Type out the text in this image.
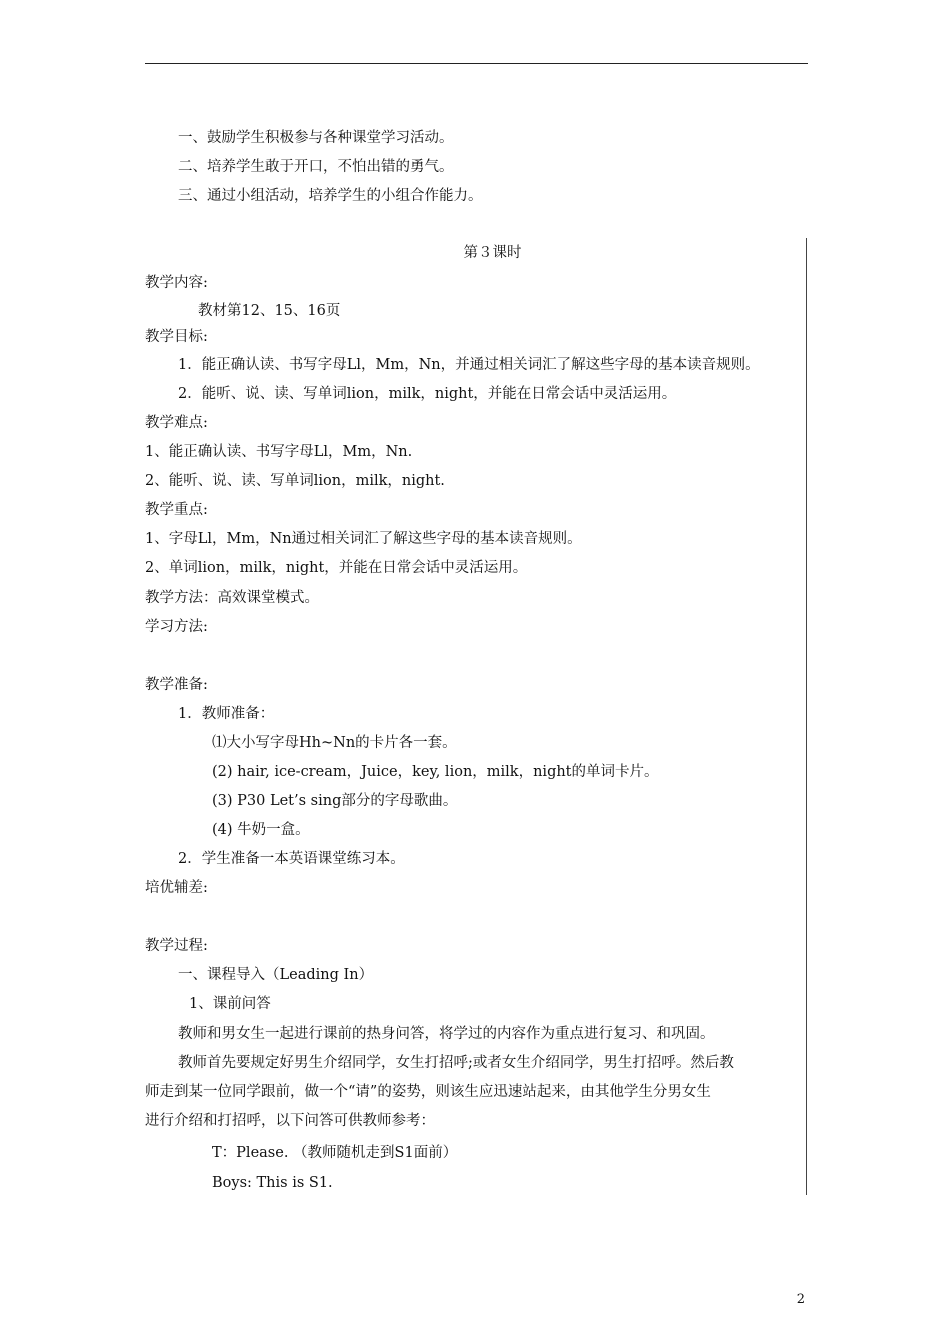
一、鼓励学生积极参与各种课堂学习活动。
二、培养学生敢于开口，不怕出错的勇气。
三、通过小组活动，培养学生的小组合作能力。
第３课时
教学内容:
教材第12、15、16页
教学目标:
1．能正确认读、书写字母Ll，Mm，Nn，并通过相关词汇了解这些字母的基本读音规则。
2．能听、说、读、写单词lion，milk，night，并能在日常会话中灵活运用。
教学难点:
1、能正确认读、书写字母Ll，Mm，Nn.
2、能听、说、读、写单词lion，milk，night.
教学重点:
1、字母Ll，Mm，Nn通过相关词汇了解这些字母的基本读音规则。
2、单词lion，milk，night，并能在日常会话中灵活运用。
教学方法：高效课堂模式。
学习方法:
教学准备:
1．教师准备：
⑴大小写字母Hh~Nn的卡片各一套。
(2) hair, ice-cream，Juice，key, lion，milk，night的单词卡片。
(3) P30 Let’s sing部分的字母歌曲。
(4) 牛奶一盒。
2．学生准备一本英语课堂练习本。
培优辅差:
教学过程:
一、课程导入（Leading In）
1、课前问答
教师和男女生一起进行课前的热身问答，将学过的内容作为重点进行复习、和巩固。
教师首先要规定好男生介绍同学，女生打招呼;或者女生介绍同学，男生打招呼。然后教
师走到某一位同学跟前，做一个“请”的姿势，则该生应迅速站起来，由其他学生分男女生
进行介绍和打招呼，以下问答可供教师参考：
T：Please. （教师随机走到S1面前）
Boys: This is S1.
2
